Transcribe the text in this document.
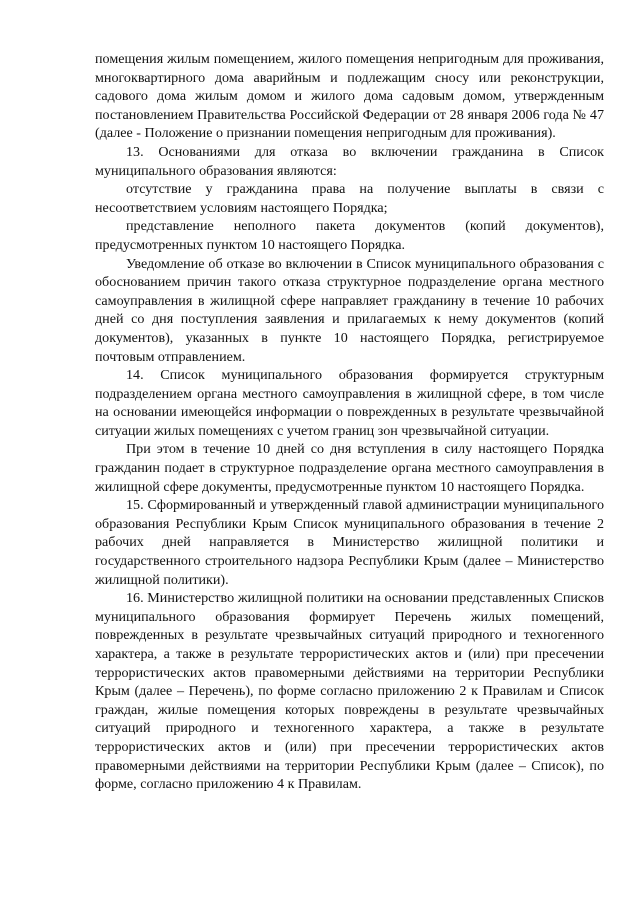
помещения жилым помещением, жилого помещения непригодным для проживания, многоквартирного дома аварийным и подлежащим сносу или реконструкции, садового дома жилым домом и жилого дома садовым домом, утвержденным постановлением Правительства Российской Федерации от 28 января 2006 года № 47 (далее - Положение о признании помещения непригодным для проживания).

13. Основаниями для отказа во включении гражданина в Список муниципального образования являются:

отсутствие у гражданина права на получение выплаты в связи с несоответствием условиям настоящего Порядка;

представление неполного пакета документов (копий документов), предусмотренных пунктом 10 настоящего Порядка.

Уведомление об отказе во включении в Список муниципального образования с обоснованием причин такого отказа структурное подразделение органа местного самоуправления в жилищной сфере направляет гражданину в течение 10 рабочих дней со дня поступления заявления и прилагаемых к нему документов (копий документов), указанных в пункте 10 настоящего Порядка, регистрируемое почтовым отправлением.

14. Список муниципального образования формируется структурным подразделением органа местного самоуправления в жилищной сфере, в том числе на основании имеющейся информации о поврежденных в результате чрезвычайной ситуации жилых помещениях с учетом границ зон чрезвычайной ситуации.

При этом в течение 10 дней со дня вступления в силу настоящего Порядка гражданин подает в структурное подразделение органа местного самоуправления в жилищной сфере документы, предусмотренные пунктом 10 настоящего Порядка.

15. Сформированный и утвержденный главой администрации муниципального образования Республики Крым Список муниципального образования в течение 2 рабочих дней направляется в Министерство жилищной политики и государственного строительного надзора Республики Крым (далее – Министерство жилищной политики).

16. Министерство жилищной политики на основании представленных Списков муниципального образования формирует Перечень жилых помещений, поврежденных в результате чрезвычайных ситуаций природного и техногенного характера, а также в результате террористических актов и (или) при пресечении террористических актов правомерными действиями на территории Республики Крым (далее – Перечень), по форме согласно приложению 2 к Правилам и Список граждан, жилые помещения которых повреждены в результате чрезвычайных ситуаций природного и техногенного характера, а также в результате террористических актов и (или) при пресечении террористических актов правомерными действиями на территории Республики Крым (далее – Список), по форме, согласно приложению 4 к Правилам.
